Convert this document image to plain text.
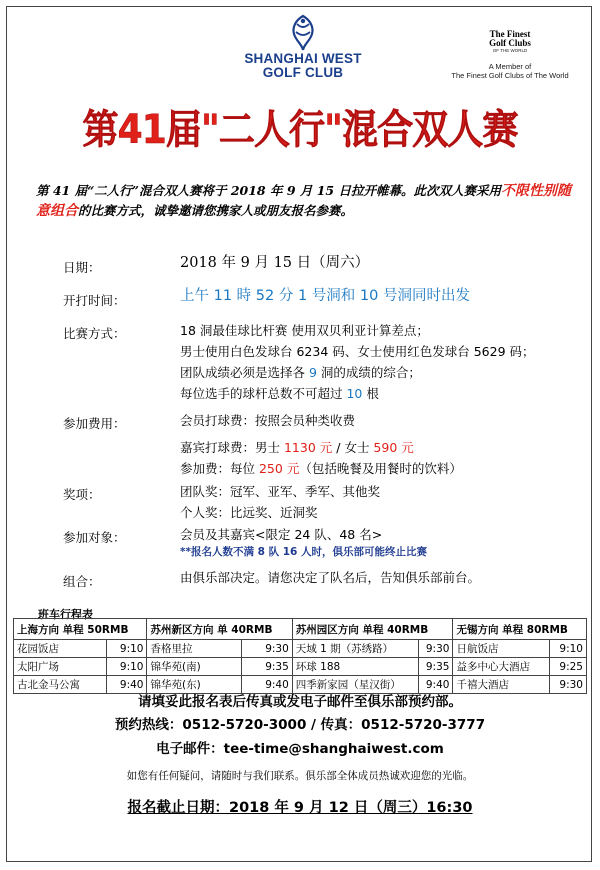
SHANGHAI WEST
GOLF CLUB
The Finest
Golf Clubs
OF THE WORLD
A Member of
The Finest Golf Clubs of The World
第41届"二人行"混合双人赛
第 41 届“二人行”混合双人赛将于 2018 年 9 月 15 日拉开帷幕。此次双人赛采用不限性别随意组合的比赛方式，诚挚邀请您携家人或朋友报名参赛。
日期：	2018 年 9 月 15 日（周六）
开打时间：	上午 11 時 52 分 1 号洞和 10 号洞同时出发
比赛方式：	18 洞最佳球比杆赛 使用双贝利亚计算差点；
男士使用白色发球台 6234 码、女士使用红色发球台 5629 码；
团队成绩必须是选择各 9 洞的成绩的综合；
每位选手的球杆总数不可超过 10 根
参加费用：	会员打球费：按照会员种类收费
嘉宾打球费：男士 1130 元 / 女士 590 元
参加费：每位 250 元（包括晚餐及用餐时的饮料）
奖项：	团队奖：冠军、亚军、季军、其他奖
个人奖：比远奖、近洞奖
参加对象：	会员及其嘉宾<限定 24 队、48 名>
**报名人数不满 8 队 16 人时，俱乐部可能终止比赛
组合：	由俱乐部决定。请您决定了队名后，告知俱乐部前台。
班车行程表
上海方向 单程 50RMB		苏州新区方向 单 40RMB		苏州园区方向 单程 40RMB		无锡方向 单程 80RMB	
花园饭店	9:10	香格里拉	9:30	天域 1 期（苏绣路）	9:30	日航饭店	9:10
太阳广场	9:10	锦华苑(南)	9:35	环球 188	9:35	益多中心大酒店	9:25
古北金马公寓	9:40	锦华苑(东)	9:40	四季新家园（星汉街）	9:40	千禧大酒店	9:30
请填妥此报名表后传真或发电子邮件至俱乐部预约部。
预约热线：0512-5720-3000 / 传真：0512-5720-3777
电子邮件：tee-time@shanghaiwest.com
如您有任何疑问，请随时与我们联系。俱乐部全体成员热诚欢迎您的光临。
报名截止日期：2018 年 9 月 12 日（周三）16:30
